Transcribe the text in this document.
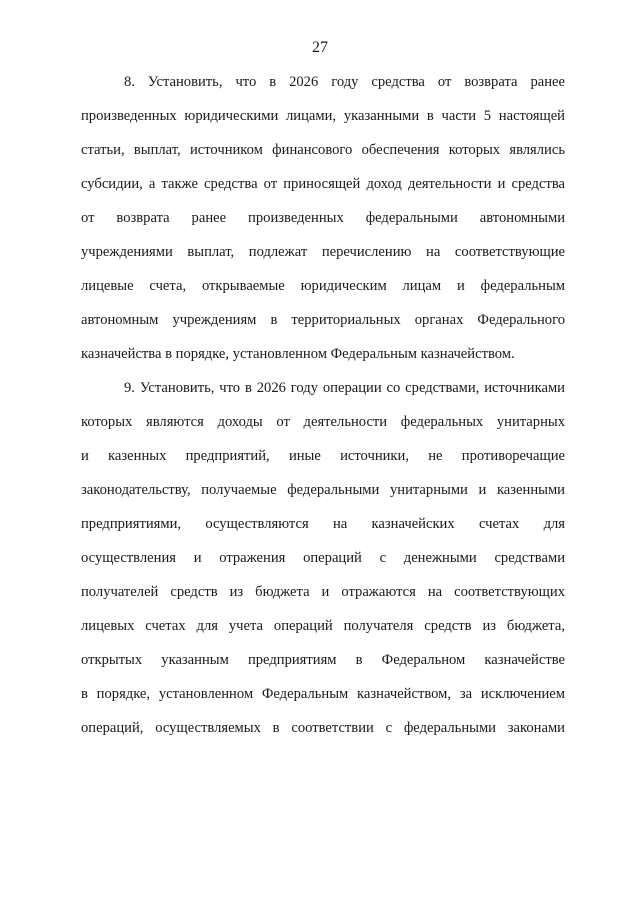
27
8. Установить, что в 2026 году средства от возврата ранее
произведенных юридическими лицами, указанными в части 5 настоящей
статьи, выплат, источником финансового обеспечения которых являлись
субсидии, а также средства от приносящей доход деятельности и средства
от возврата ранее произведенных федеральными автономными
учреждениями выплат, подлежат перечислению на соответствующие
лицевые счета, открываемые юридическим лицам и федеральным
автономным учреждениям в территориальных органах Федерального
казначейства в порядке, установленном Федеральным казначейством.
9. Установить, что в 2026 году операции со средствами, источниками
которых являются доходы от деятельности федеральных унитарных
и казенных предприятий, иные источники, не противоречащие
законодательству, получаемые федеральными унитарными и казенными
предприятиями, осуществляются на казначейских счетах для
осуществления и отражения операций с денежными средствами
получателей средств из бюджета и отражаются на соответствующих
лицевых счетах для учета операций получателя средств из бюджета,
открытых указанным предприятиям в Федеральном казначействе
в порядке, установленном Федеральным казначейством, за исключением
операций, осуществляемых в соответствии с федеральными законами
